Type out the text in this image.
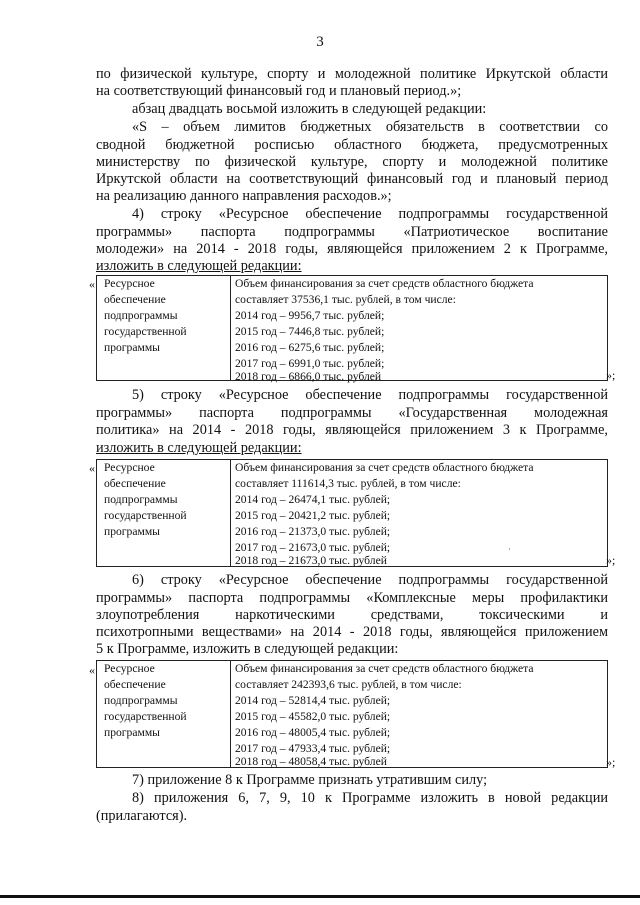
3
по физической культуре, спорту и молодежной политике Иркутской области
на соответствующий финансовый год и плановый период.»;
абзац двадцать восьмой изложить в следующей редакции:
«S – объем лимитов бюджетных обязательств в соответствии со
сводной бюджетной росписью областного бюджета, предусмотренных
министерству по физической культуре, спорту и молодежной политике
Иркутской области на соответствующий финансовый год и плановый период
на реализацию данного направления расходов.»;
4) строку «Ресурсное обеспечение подпрограммы государственной
программы» паспорта подпрограммы «Патриотическое воспитание
молодежи» на 2014 - 2018 годы, являющейся приложением 2 к Программе,
изложить в следующей редакции:
« Ресурсное
обеспечение
подпрограммы
государственной
программы
Объем финансирования за счет средств областного бюджета
составляет 37536,1 тыс. рублей, в том числе:
2014 год – 9956,7 тыс. рублей;
2015 год – 7446,8 тыс. рублей;
2016 год – 6275,6 тыс. рублей;
2017 год – 6991,0 тыс. рублей;
2018 год – 6866,0 тыс. рублей	»;
5) строку «Ресурсное обеспечение подпрограммы государственной
программы» паспорта подпрограммы «Государственная молодежная
политика» на 2014 - 2018 годы, являющейся приложением 3 к Программе,
изложить в следующей редакции:
« Ресурсное
обеспечение
подпрограммы
государственной
программы
Объем финансирования за счет средств областного бюджета
составляет 111614,3 тыс. рублей, в том числе:
2014 год – 26474,1 тыс. рублей;
2015 год – 20421,2 тыс. рублей;
2016 год – 21373,0 тыс. рублей;
2017 год – 21673,0 тыс. рублей;
2018 год – 21673,0 тыс. рублей
·
»;
6) строку «Ресурсное обеспечение подпрограммы государственной
программы» паспорта подпрограммы «Комплексные меры профилактики
злоупотребления наркотическими средствами, токсическими и
психотропными веществами» на 2014 - 2018 годы, являющейся приложением
5 к Программе, изложить в следующей редакции:
« Ресурсное
обеспечение
подпрограммы
государственной
программы
Объем финансирования за счет средств областного бюджета
составляет 242393,6 тыс. рублей, в том числе:
2014 год – 52814,4 тыс. рублей;
2015 год – 45582,0 тыс. рублей;
2016 год – 48005,4 тыс. рублей;
2017 год – 47933,4 тыс. рублей;
2018 год – 48058,4 тыс. рублей	»;
7) приложение 8 к Программе признать утратившим силу;
8) приложения 6, 7, 9, 10 к Программе изложить в новой редакции
(прилагаются).
